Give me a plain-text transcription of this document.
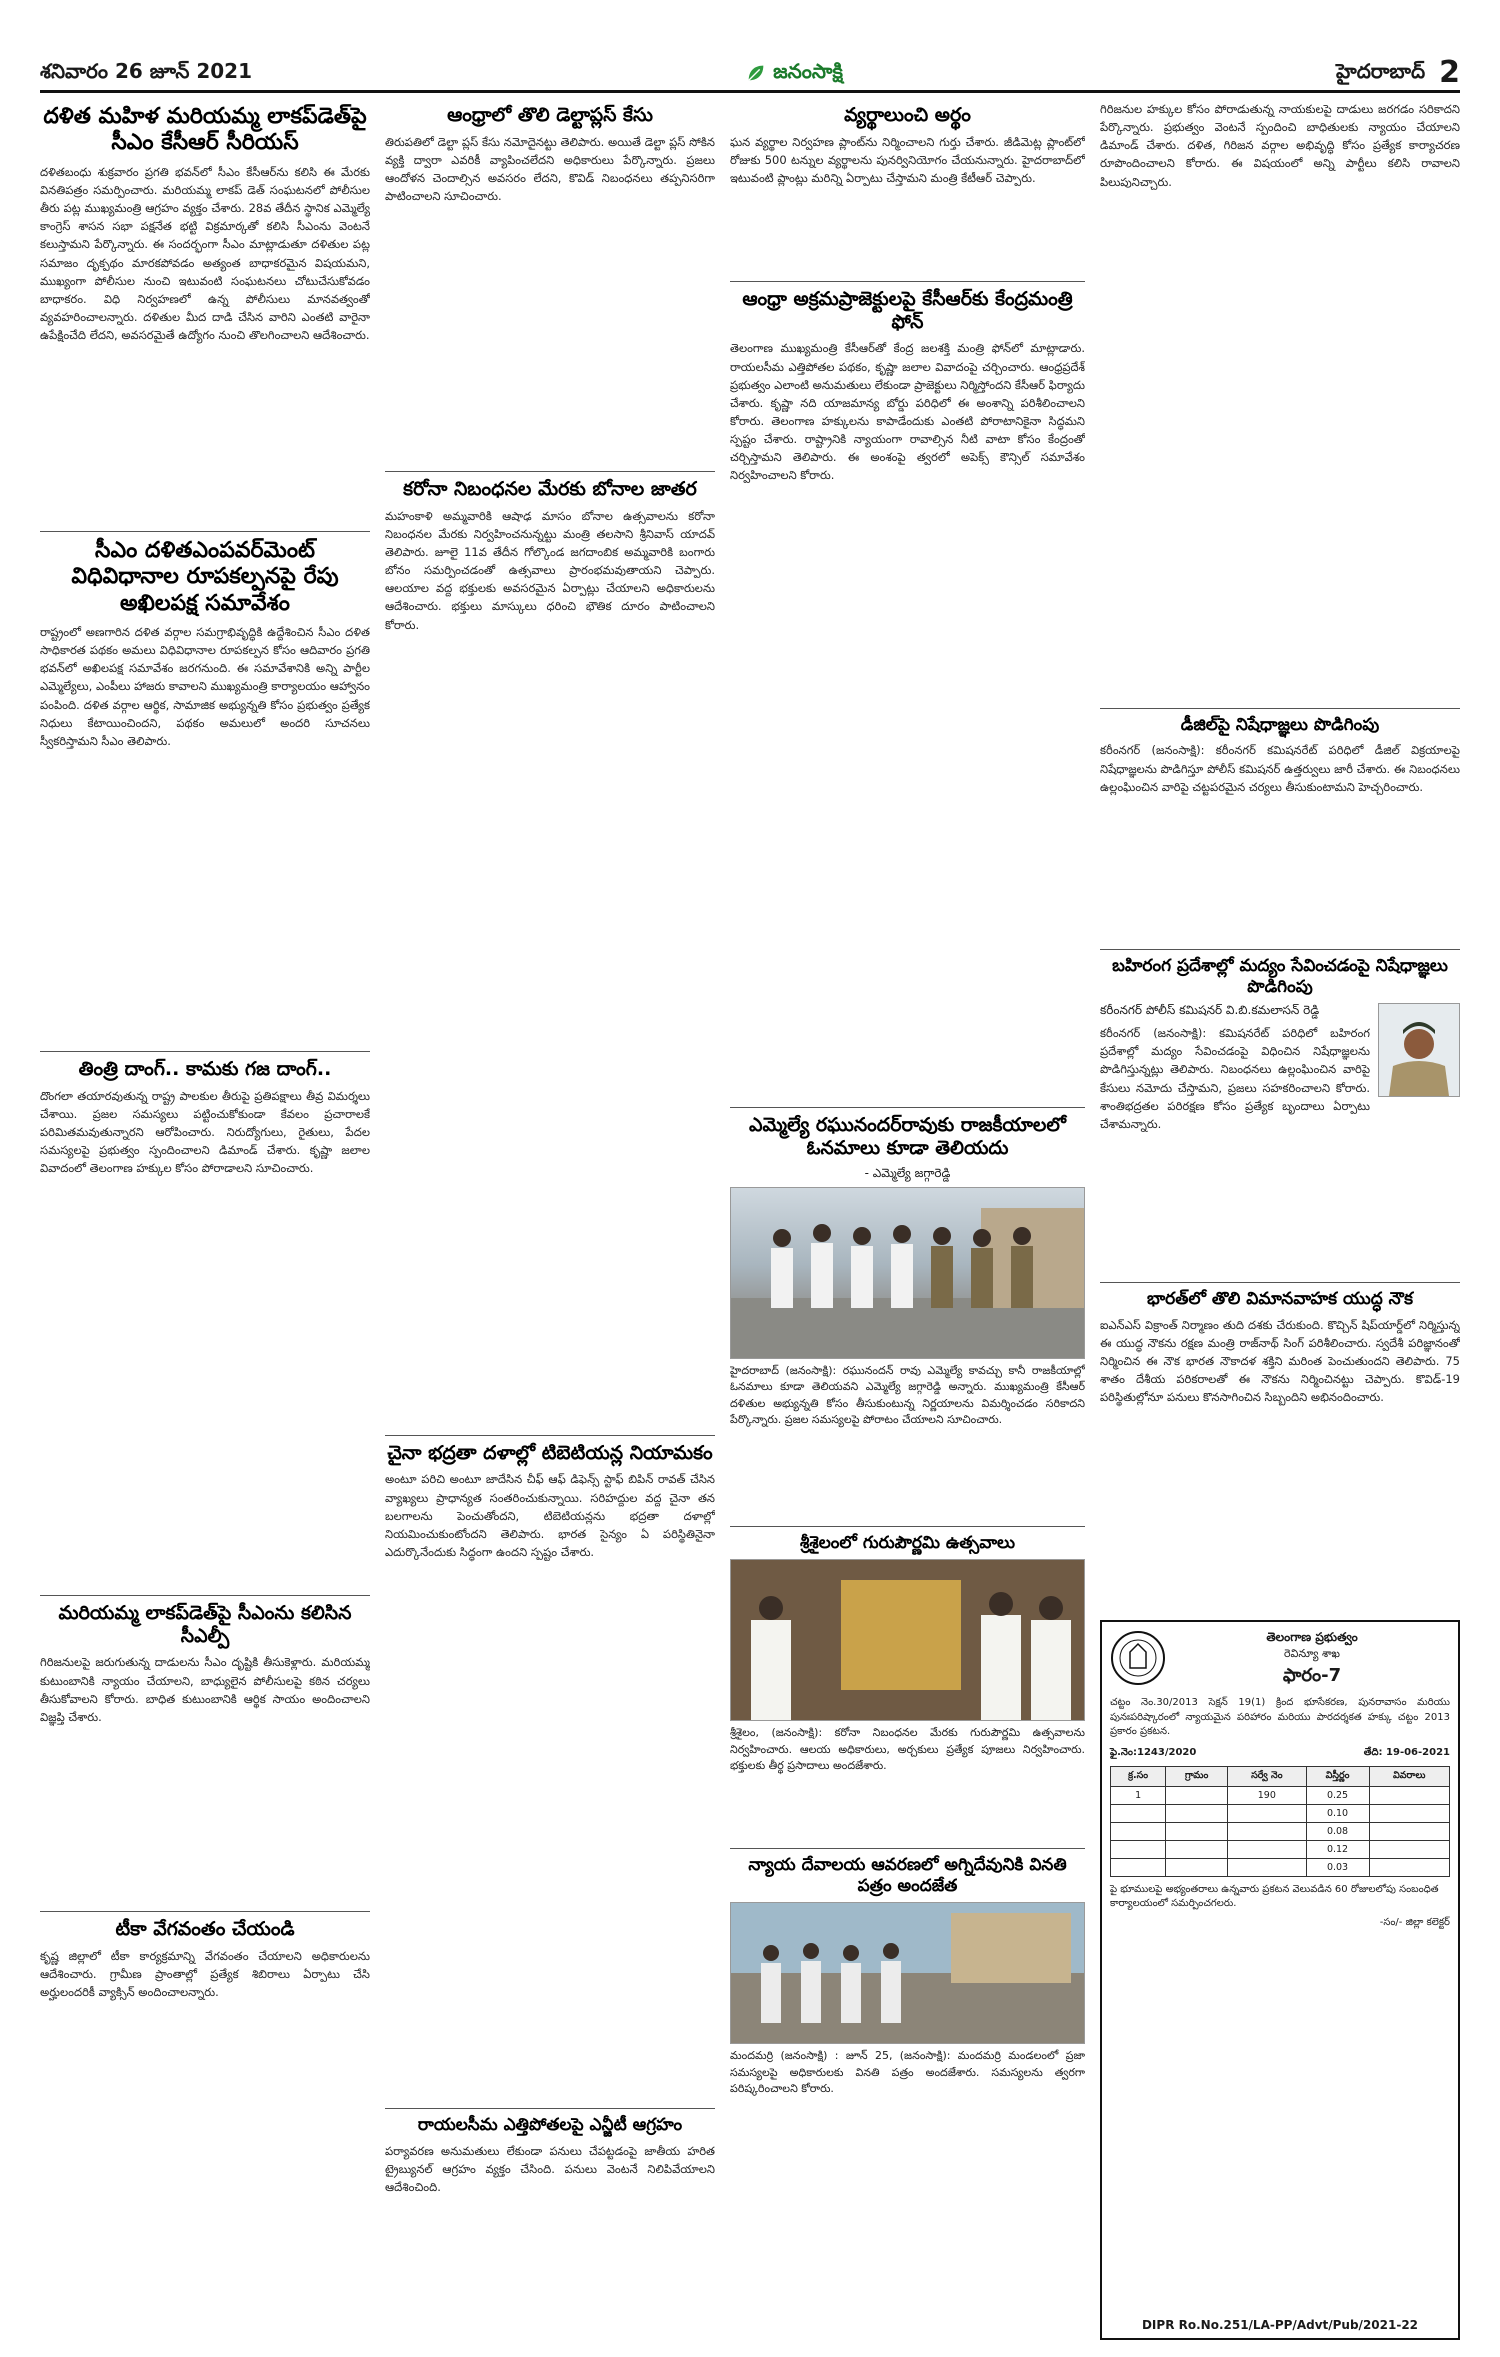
శనివారం 26 జూన్ 2021	జనంసాక్షి	హైదరాబాద్ 2
దళిత మహిళ మరియమ్మ లాకప్‌డెత్‌పై సీఎం కేసీఆర్ సీరియస్
దళితబంధు శుక్రవారం ప్రగతి భవన్‌లో సీఎం కేసీఆర్‌ను కలిసి ఈ మేరకు వినతిపత్రం సమర్పించారు. మరియమ్మ లాకప్ డెత్ సంఘటనలో పోలీసుల తీరు పట్ల ముఖ్యమంత్రి ఆగ్రహం వ్యక్తం చేశారు. 28వ తేదీన స్థానిక ఎమ్మెల్యే కాంగ్రెస్ శాసన సభా పక్షనేత భట్టి విక్రమార్కతో కలిసి సీఎంను వెంటనే కలుస్తామని పేర్కొన్నారు. ఈ సందర్భంగా సీఎం మాట్లాడుతూ దళితుల పట్ల సమాజం దృక్పథం మారకపోవడం అత్యంత బాధాకరమైన విషయమని, ముఖ్యంగా పోలీసుల నుంచి ఇటువంటి సంఘటనలు చోటుచేసుకోవడం బాధాకరం. విధి నిర్వహణలో ఉన్న పోలీసులు మానవత్వంతో వ్యవహరించాలన్నారు. దళితుల మీద దాడి చేసిన వారిని ఎంతటి వారైనా ఉపేక్షించేది లేదని, అవసరమైతే ఉద్యోగం నుంచి తొలగించాలని ఆదేశించారు.
సీఎం దళితఎంపవర్‌మెంట్ విధివిధానాల రూపకల్పనపై రేపు అఖిలపక్ష సమావేశం
రాష్ట్రంలో అణగారిన దళిత వర్గాల సమగ్రాభివృద్ధికి ఉద్దేశించిన సీఎం దళిత సాధికారత పథకం అమలు విధివిధానాల రూపకల్పన కోసం ఆదివారం ప్రగతి భవన్‌లో అఖిలపక్ష సమావేశం జరగనుంది. ఈ సమావేశానికి అన్ని పార్టీల ఎమ్మెల్యేలు, ఎంపీలు హాజరు కావాలని ముఖ్యమంత్రి కార్యాలయం ఆహ్వానం పంపింది. దళిత వర్గాల ఆర్థిక, సామాజిక అభ్యున్నతి కోసం ప్రభుత్వం ప్రత్యేక నిధులు కేటాయించిందని, పథకం అమలులో అందరి సూచనలు స్వీకరిస్తామని సీఎం తెలిపారు.
తింత్రి దాంగ్.. కామకు గజ దాంగ్..
దొంగలా తయారవుతున్న రాష్ట్ర పాలకుల తీరుపై ప్రతిపక్షాలు తీవ్ర విమర్శలు చేశాయి. ప్రజల సమస్యలు పట్టించుకోకుండా కేవలం ప్రచారాలకే పరిమితమవుతున్నారని ఆరోపించారు. నిరుద్యోగులు, రైతులు, పేదల సమస్యలపై ప్రభుత్వం స్పందించాలని డిమాండ్ చేశారు. కృష్ణా జలాల వివాదంలో తెలంగాణ హక్కుల కోసం పోరాడాలని సూచించారు.
మరియమ్మ లాకప్‌డెత్‌పై సీఎంను కలిసిన సీఎల్పీ
గిరిజనులపై జరుగుతున్న దాడులను సీఎం దృష్టికి తీసుకెళ్లారు. మరియమ్మ కుటుంబానికి న్యాయం చేయాలని, బాధ్యులైన పోలీసులపై కఠిన చర్యలు తీసుకోవాలని కోరారు. బాధిత కుటుంబానికి ఆర్థిక సాయం అందించాలని విజ్ఞప్తి చేశారు.
టీకా వేగవంతం చేయండి
కృష్ణ జిల్లాలో టీకా కార్యక్రమాన్ని వేగవంతం చేయాలని అధికారులను ఆదేశించారు. గ్రామీణ ప్రాంతాల్లో ప్రత్యేక శిబిరాలు ఏర్పాటు చేసి అర్హులందరికీ వ్యాక్సిన్ అందించాలన్నారు.
ఆంధ్రాలో తొలి డెల్టాప్లస్ కేసు
తిరుపతిలో డెల్టా ప్లస్ కేసు నమోదైనట్టు తెలిపారు. అయితే డెల్టా ప్లస్ సోకిన వ్యక్తి ద్వారా ఎవరికీ వ్యాపించలేదని అధికారులు పేర్కొన్నారు. ప్రజలు ఆందోళన చెందాల్సిన అవసరం లేదని, కొవిడ్ నిబంధనలు తప్పనిసరిగా పాటించాలని సూచించారు.
కరోనా నిబంధనల మేరకు బోనాల జాతర
మహంకాళి అమ్మవారికి ఆషాఢ మాసం బోనాల ఉత్సవాలను కరోనా నిబంధనల మేరకు నిర్వహించనున్నట్టు మంత్రి తలసాని శ్రీనివాస్ యాదవ్ తెలిపారు. జూలై 11వ తేదీన గోల్కొండ జగదాంబిక అమ్మవారికి బంగారు బోనం సమర్పించడంతో ఉత్సవాలు ప్రారంభమవుతాయని చెప్పారు. ఆలయాల వద్ద భక్తులకు అవసరమైన ఏర్పాట్లు చేయాలని అధికారులను ఆదేశించారు. భక్తులు మాస్కులు ధరించి భౌతిక దూరం పాటించాలని కోరారు.
చైనా భద్రతా దళాల్లో టిబెటియన్ల నియామకం
అంటూ పరిచి అంటూ జాదేసిన చీఫ్ ఆఫ్ డిఫెన్స్ స్టాఫ్ బిపిన్ రావత్ చేసిన వ్యాఖ్యలు ప్రాధాన్యత సంతరించుకున్నాయి. సరిహద్దుల వద్ద చైనా తన బలగాలను పెంచుతోందని, టిబెటియన్లను భద్రతా దళాల్లో నియమించుకుంటోందని తెలిపారు. భారత సైన్యం ఏ పరిస్థితినైనా ఎదుర్కొనేందుకు సిద్ధంగా ఉందని స్పష్టం చేశారు.
రాయలసీమ ఎత్తిపోతలపై ఎన్జీటీ ఆగ్రహం
పర్యావరణ అనుమతులు లేకుండా పనులు చేపట్టడంపై జాతీయ హరిత ట్రైబ్యునల్ ఆగ్రహం వ్యక్తం చేసింది. పనులు వెంటనే నిలిపివేయాలని ఆదేశించింది.
వ్యర్థాలుంచి అర్థం
ఘన వ్యర్థాల నిర్వహణ ప్లాంట్‌ను నిర్మించాలని గుర్తు చేశారు. జీడిమెట్ల ప్లాంట్‌లో రోజుకు 500 టన్నుల వ్యర్థాలను పునర్వినియోగం చేయనున్నారు. హైదరాబాద్‌లో ఇటువంటి ప్లాంట్లు మరిన్ని ఏర్పాటు చేస్తామని మంత్రి కేటీఆర్ చెప్పారు.
ఆంధ్రా అక్రమప్రాజెక్టులపై కేసీఆర్‌కు కేంద్రమంత్రి ఫోన్
తెలంగాణ ముఖ్యమంత్రి కేసీఆర్‌తో కేంద్ర జలశక్తి మంత్రి ఫోన్‌లో మాట్లాడారు. రాయలసీమ ఎత్తిపోతల పథకం, కృష్ణా జలాల వివాదంపై చర్చించారు. ఆంధ్రప్రదేశ్ ప్రభుత్వం ఎలాంటి అనుమతులు లేకుండా ప్రాజెక్టులు నిర్మిస్తోందని కేసీఆర్ ఫిర్యాదు చేశారు. కృష్ణా నది యాజమాన్య బోర్డు పరిధిలో ఈ అంశాన్ని పరిశీలించాలని కోరారు. తెలంగాణ హక్కులను కాపాడేందుకు ఎంతటి పోరాటానికైనా సిద్ధమని స్పష్టం చేశారు. రాష్ట్రానికి న్యాయంగా రావాల్సిన నీటి వాటా కోసం కేంద్రంతో చర్చిస్తామని తెలిపారు. ఈ అంశంపై త్వరలో అపెక్స్ కౌన్సిల్ సమావేశం నిర్వహించాలని కోరారు.
ఎమ్మెల్యే రఘునందర్‌రావుకు రాజకీయాలలో ఓనమాలు కూడా తెలియదు
- ఎమ్మెల్యే జగ్గారెడ్డి
హైదరాబాద్ (జనంసాక్షి): రఘునందన్ రావు ఎమ్మెల్యే కావచ్చు కానీ రాజకీయాల్లో ఓనమాలు కూడా తెలియవని ఎమ్మెల్యే జగ్గారెడ్డి అన్నారు. ముఖ్యమంత్రి కేసీఆర్ దళితుల అభ్యున్నతి కోసం తీసుకుంటున్న నిర్ణయాలను విమర్శించడం సరికాదని పేర్కొన్నారు. ప్రజల సమస్యలపై పోరాటం చేయాలని సూచించారు.
శ్రీశైలంలో గురుపౌర్ణమి ఉత్సవాలు
శ్రీశైలం, (జనంసాక్షి): కరోనా నిబంధనల మేరకు గురుపౌర్ణమి ఉత్సవాలను నిర్వహించారు. ఆలయ అధికారులు, అర్చకులు ప్రత్యేక పూజలు నిర్వహించారు. భక్తులకు తీర్థ ప్రసాదాలు అందజేశారు.
న్యాయ దేవాలయ ఆవరణలో అగ్నిదేవునికి వినతి పత్రం అందజేత
మందమర్రి (జనంసాక్షి) : జూన్ 25, (జనంసాక్షి): మందమర్రి మండలంలో ప్రజా సమస్యలపై అధికారులకు వినతి పత్రం అందజేశారు. సమస్యలను త్వరగా పరిష్కరించాలని కోరారు.
గిరిజనుల హక్కుల కోసం పోరాడుతున్న నాయకులపై దాడులు జరగడం సరికాదని పేర్కొన్నారు. ప్రభుత్వం వెంటనే స్పందించి బాధితులకు న్యాయం చేయాలని డిమాండ్ చేశారు. దళిత, గిరిజన వర్గాల అభివృద్ధి కోసం ప్రత్యేక కార్యాచరణ రూపొందించాలని కోరారు. ఈ విషయంలో అన్ని పార్టీలు కలిసి రావాలని పిలుపునిచ్చారు.
డీజిల్‌పై నిషేధాజ్ఞలు పొడిగింపు
కరీంనగర్ (జనంసాక్షి): కరీంనగర్ కమిషనరేట్ పరిధిలో డీజిల్ విక్రయాలపై నిషేధాజ్ఞలను పొడిగిస్తూ పోలీస్ కమిషనర్ ఉత్తర్వులు జారీ చేశారు. ఈ నిబంధనలు ఉల్లంఘించిన వారిపై చట్టపరమైన చర్యలు తీసుకుంటామని హెచ్చరించారు.
బహిరంగ ప్రదేశాల్లో మద్యం సేవించడంపై నిషేధాజ్ఞలు పొడిగింపు
కరీంనగర్ పోలీస్ కమిషనర్ వి.బి.కమలాసన్ రెడ్డి
కరీంనగర్ (జనంసాక్షి): కమిషనరేట్ పరిధిలో బహిరంగ ప్రదేశాల్లో మద్యం సేవించడంపై విధించిన నిషేధాజ్ఞలను పొడిగిస్తున్నట్లు తెలిపారు. నిబంధనలు ఉల్లంఘించిన వారిపై కేసులు నమోదు చేస్తామని, ప్రజలు సహకరించాలని కోరారు. శాంతిభద్రతల పరిరక్షణ కోసం ప్రత్యేక బృందాలు ఏర్పాటు చేశామన్నారు.
భారత్‌లో తొలి విమానవాహక యుద్ధ నౌక
ఐఎన్ఎస్ విక్రాంత్ నిర్మాణం తుది దశకు చేరుకుంది. కొచ్చిన్ షిప్‌యార్డ్‌లో నిర్మిస్తున్న ఈ యుద్ధ నౌకను రక్షణ మంత్రి రాజ్‌నాథ్ సింగ్ పరిశీలించారు. స్వదేశీ పరిజ్ఞానంతో నిర్మించిన ఈ నౌక భారత నౌకాదళ శక్తిని మరింత పెంచుతుందని తెలిపారు. 75 శాతం దేశీయ పరికరాలతో ఈ నౌకను నిర్మించినట్టు చెప్పారు. కొవిడ్-19 పరిస్థితుల్లోనూ పనులు కొనసాగించిన సిబ్బందిని అభినందించారు.
తెలంగాణ ప్రభుత్వం
రెవిన్యూ శాఖ
ఫారం-7
చట్టం నెం.30/2013 సెక్షన్ 19(1) క్రింద భూసేకరణ, పునరావాసం మరియు పునఃపరిష్కారంలో న్యాయమైన పరిహారం మరియు పారదర్శకత హక్కు చట్టం 2013 ప్రకారం ప్రకటన.
ఫై.నెం:1243/2020	తేది: 19-06-2021
క్ర.సం	గ్రామం	సర్వే నెం	విస్తీర్ణం	వివరాలు
1		190	0.25	
			0.10	
			0.08	
			0.12	
			0.03	
పై భూములపై అభ్యంతరాలు ఉన్నవారు ప్రకటన వెలువడిన 60 రోజులలోపు సంబంధిత కార్యాలయంలో సమర్పించగలరు.
-సం/- జిల్లా కలెక్టర్
DIPR Ro.No.251/LA-PP/Advt/Pub/2021-22
